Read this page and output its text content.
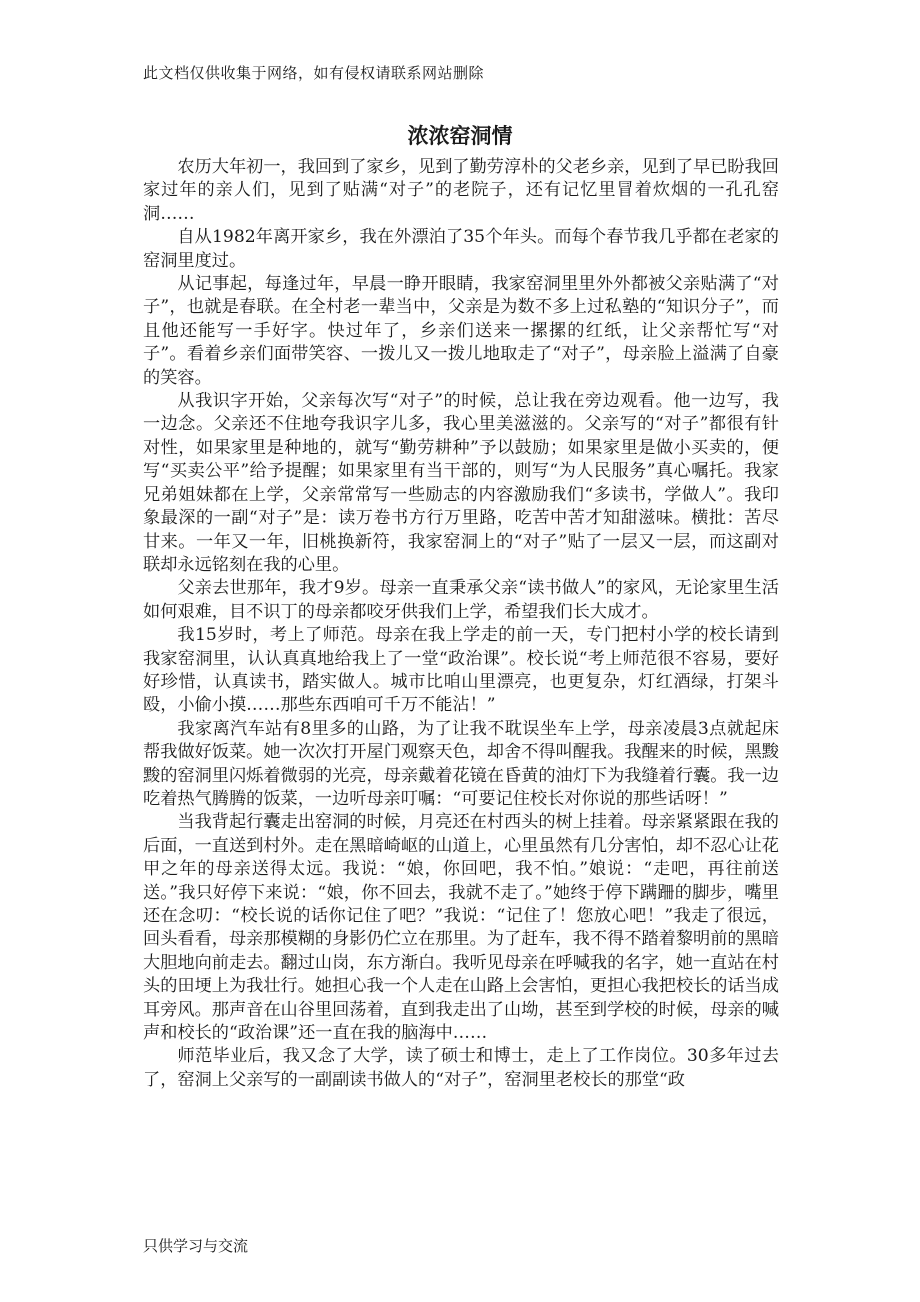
此文档仅供收集于网络，如有侵权请联系网站删除
浓浓窑洞情

农历大年初一，我回到了家乡，见到了勤劳淳朴的父老乡亲，见到了早已盼我回家过年的亲人们，见到了贴满“对子”的老院子，还有记忆里冒着炊烟的一孔孔窑洞……

自从1982年离开家乡，我在外漂泊了35个年头。而每个春节我几乎都在老家的窑洞里度过。

从记事起，每逢过年，早晨一睁开眼睛，我家窑洞里里外外都被父亲贴满了“对子”，也就是春联。在全村老一辈当中，父亲是为数不多上过私塾的“知识分子”，而且他还能写一手好字。快过年了，乡亲们送来一摞摞的红纸，让父亲帮忙写“对子”。看着乡亲们面带笑容、一拨儿又一拨儿地取走了“对子”，母亲脸上溢满了自豪的笑容。

从我识字开始，父亲每次写“对子”的时候，总让我在旁边观看。他一边写，我一边念。父亲还不住地夸我识字儿多，我心里美滋滋的。父亲写的“对子”都很有针对性，如果家里是种地的，就写“勤劳耕种”予以鼓励；如果家里是做小买卖的，便写“买卖公平”给予提醒；如果家里有当干部的，则写“为人民服务”真心嘱托。我家兄弟姐妹都在上学，父亲常常写一些励志的内容激励我们“多读书，学做人”。我印象最深的一副“对子”是：读万卷书方行万里路，吃苦中苦才知甜滋味。横批：苦尽甘来。一年又一年，旧桃换新符，我家窑洞上的“对子”贴了一层又一层，而这副对联却永远铭刻在我的心里。

父亲去世那年，我才9岁。母亲一直秉承父亲“读书做人”的家风，无论家里生活如何艰难，目不识丁的母亲都咬牙供我们上学，希望我们长大成才。

我15岁时，考上了师范。母亲在我上学走的前一天，专门把村小学的校长请到我家窑洞里，认认真真地给我上了一堂“政治课”。校长说“考上师范很不容易，要好好珍惜，认真读书，踏实做人。城市比咱山里漂亮，也更复杂，灯红酒绿，打架斗殴，小偷小摸……那些东西咱可千万不能沾！”

我家离汽车站有8里多的山路，为了让我不耽误坐车上学，母亲凌晨3点就起床帮我做好饭菜。她一次次打开屋门观察天色，却舍不得叫醒我。我醒来的时候，黑黢黢的窑洞里闪烁着微弱的光亮，母亲戴着花镜在昏黄的油灯下为我缝着行囊。我一边吃着热气腾腾的饭菜，一边听母亲叮嘱：“可要记住校长对你说的那些话呀！”

当我背起行囊走出窑洞的时候，月亮还在村西头的树上挂着。母亲紧紧跟在我的后面，一直送到村外。走在黑暗崎岖的山道上，心里虽然有几分害怕，却不忍心让花甲之年的母亲送得太远。我说：“娘，你回吧，我不怕。”娘说：“走吧，再往前送送。”我只好停下来说：“娘，你不回去，我就不走了。”她终于停下蹒跚的脚步，嘴里还在念叨：“校长说的话你记住了吧？”我说：“记住了！您放心吧！”我走了很远，回头看看，母亲那模糊的身影仍伫立在那里。为了赶车，我不得不踏着黎明前的黑暗大胆地向前走去。翻过山岗，东方渐白。我听见母亲在呼喊我的名字，她一直站在村头的田埂上为我壮行。她担心我一个人走在山路上会害怕，更担心我把校长的话当成耳旁风。那声音在山谷里回荡着，直到我走出了山坳，甚至到学校的时候，母亲的喊声和校长的“政治课”还一直在我的脑海中……

师范毕业后，我又念了大学，读了硕士和博士，走上了工作岗位。30多年过去了，窑洞上父亲写的一副副读书做人的“对子”，窑洞里老校长的那堂“政

只供学习与交流
